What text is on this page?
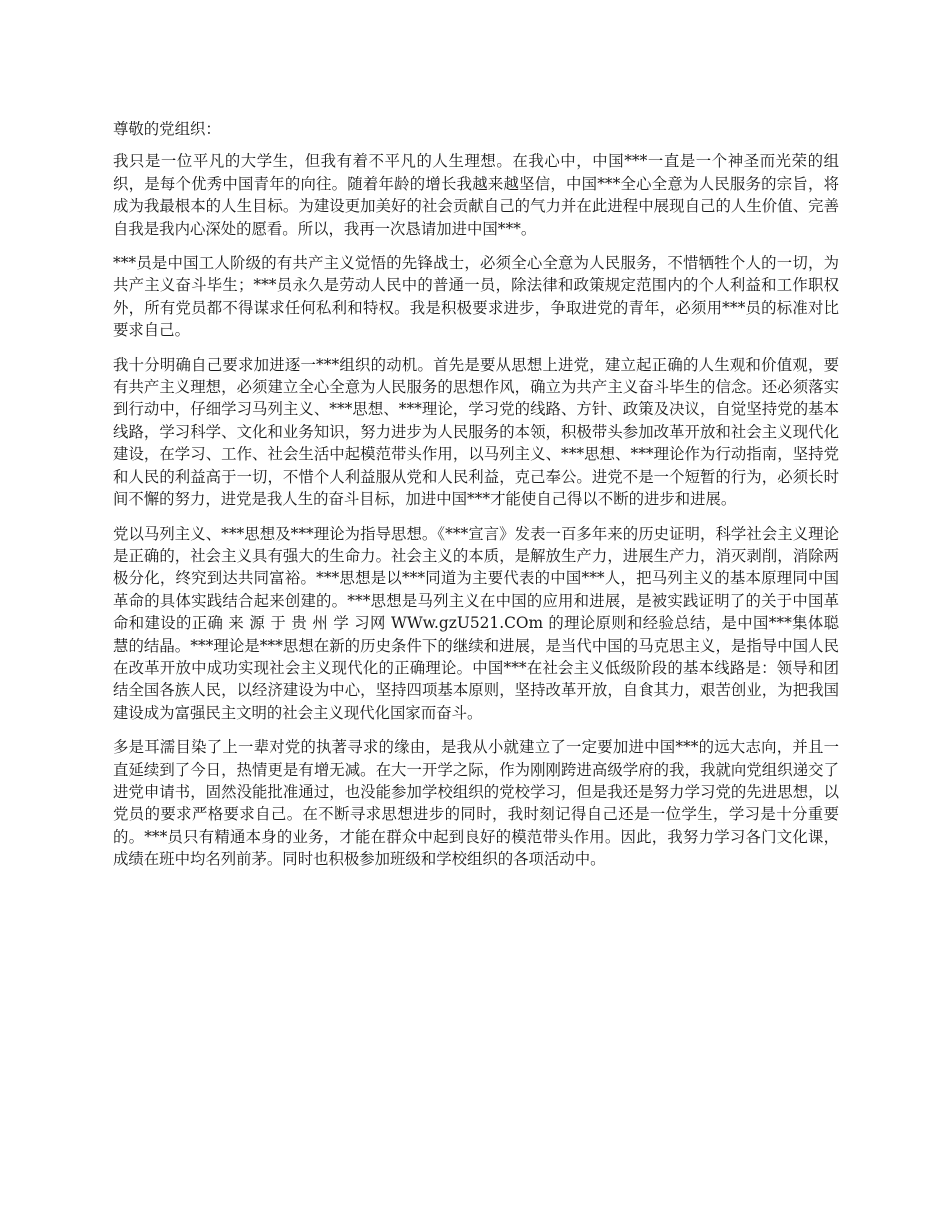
尊敬的党组织：

我只是一位平凡的大学生，但我有着不平凡的人生理想。在我心中，中国***一直是一个神圣而光荣的组织，是每个优秀中国青年的向往。随着年龄的增长我越来越坚信，中国***全心全意为人民服务的宗旨，将成为我最根本的人生目标。为建设更加美好的社会贡献自己的气力并在此进程中展现自己的人生价值、完善自我是我内心深处的愿看。所以，我再一次恳请加进中国***。

***员是中国工人阶级的有共产主义觉悟的先锋战士，必须全心全意为人民服务，不惜牺牲个人的一切，为共产主义奋斗毕生；***员永久是劳动人民中的普通一员，除法律和政策规定范围内的个人利益和工作职权外，所有党员都不得谋求任何私利和特权。我是积极要求进步，争取进党的青年，必须用***员的标准对比要求自己。

我十分明确自己要求加进逐一***组织的动机。首先是要从思想上进党，建立起正确的人生观和价值观，要有共产主义理想，必须建立全心全意为人民服务的思想作风，确立为共产主义奋斗毕生的信念。还必须落实到行动中，仔细学习马列主义、***思想、***理论，学习党的线路、方针、政策及决议，自觉坚持党的基本线路，学习科学、文化和业务知识，努力进步为人民服务的本领，积极带头参加改革开放和社会主义现代化建设，在学习、工作、社会生活中起模范带头作用，以马列主义、***思想、***理论作为行动指南，坚持党和人民的利益高于一切，不惜个人利益服从党和人民利益，克己奉公。进党不是一个短暂的行为，必须长时间不懈的努力，进党是我人生的奋斗目标，加进中国***才能使自己得以不断的进步和进展。

党以马列主义、***思想及***理论为指导思想。《***宣言》发表一百多年来的历史证明，科学社会主义理论是正确的，社会主义具有强大的生命力。社会主义的本质，是解放生产力，进展生产力，消灭剥削，消除两极分化，终究到达共同富裕。***思想是以***同道为主要代表的中国***人，把马列主义的基本原理同中国革命的具体实践结合起来创建的。***思想是马列主义在中国的应用和进展，是被实践证明了的关于中国革命和建设的正确 来 源 于 贵 州 学 习网 WWw.gzU521.COm 的理论原则和经验总结，是中国***集体聪慧的结晶。***理论是***思想在新的历史条件下的继续和进展，是当代中国的马克思主义，是指导中国人民在改革开放中成功实现社会主义现代化的正确理论。中国***在社会主义低级阶段的基本线路是：领导和团结全国各族人民，以经济建设为中心，坚持四项基本原则，坚持改革开放，自食其力，艰苦创业，为把我国建设成为富强民主文明的社会主义现代化国家而奋斗。

多是耳濡目染了上一辈对党的执著寻求的缘由，是我从小就建立了一定要加进中国***的远大志向，并且一直延续到了今日，热情更是有增无减。在大一开学之际，作为刚刚跨进高级学府的我，我就向党组织递交了进党申请书，固然没能批准通过，也没能参加学校组织的党校学习，但是我还是努力学习党的先进思想，以党员的要求严格要求自己。在不断寻求思想进步的同时，我时刻记得自己还是一位学生，学习是十分重要的。***员只有精通本身的业务，才能在群众中起到良好的模范带头作用。因此，我努力学习各门文化课，成绩在班中均名列前茅。同时也积极参加班级和学校组织的各项活动中。
